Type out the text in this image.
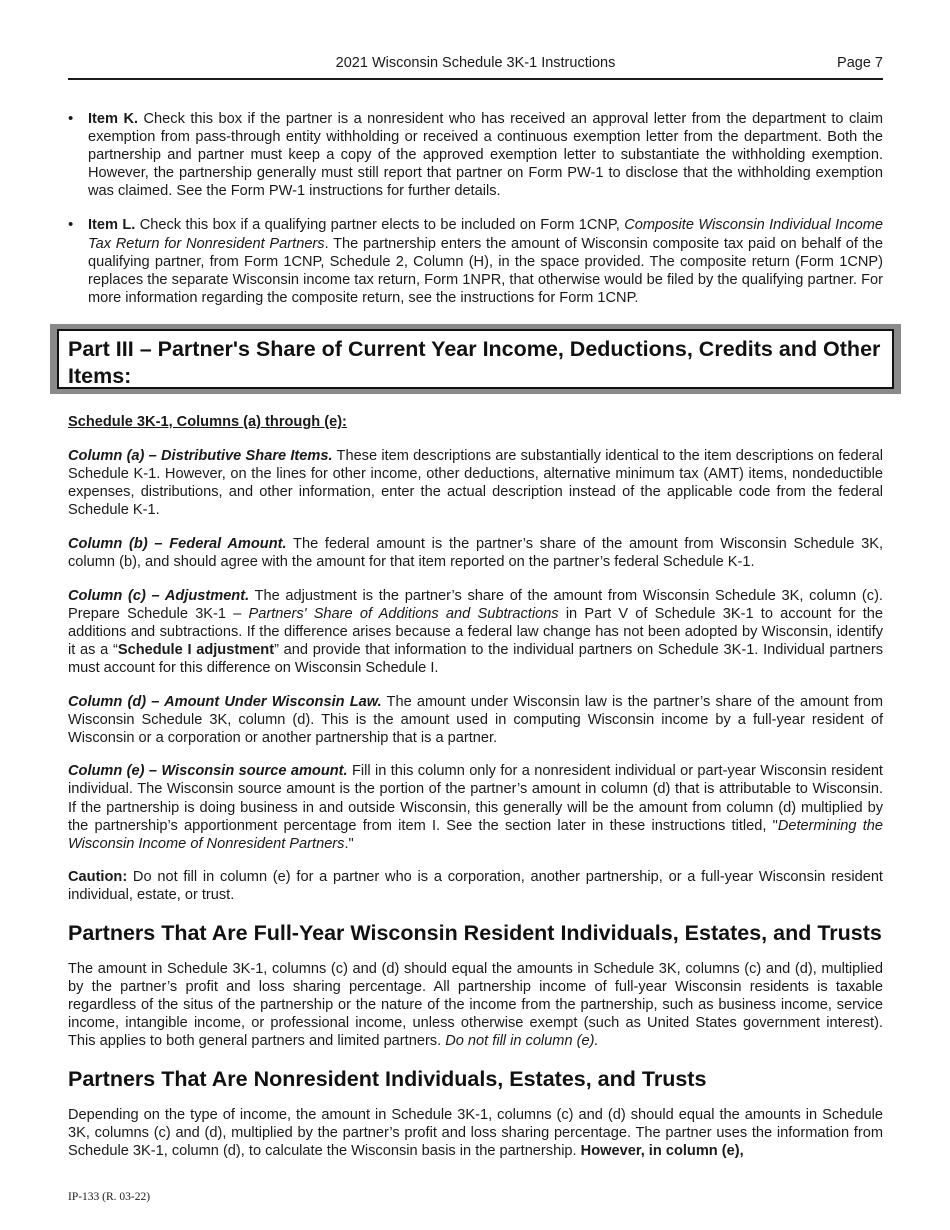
2021 Wisconsin Schedule 3K-1 Instructions	Page 7
•	Item K. Check this box if the partner is a nonresident who has received an approval letter from the department to claim exemption from pass-through entity withholding or received a continuous exemption letter from the department. Both the partnership and partner must keep a copy of the approved exemption letter to substantiate the withholding exemption. However, the partnership generally must still report that partner on Form PW-1 to disclose that the withholding exemption was claimed. See the Form PW-1 instructions for further details.
•	Item L. Check this box if a qualifying partner elects to be included on Form 1CNP, Composite Wisconsin Individual Income Tax Return for Nonresident Partners. The partnership enters the amount of Wisconsin composite tax paid on behalf of the qualifying partner, from Form 1CNP, Schedule 2, Column (H), in the space provided. The composite return (Form 1CNP) replaces the separate Wisconsin income tax return, Form 1NPR, that otherwise would be filed by the qualifying partner. For more information regarding the composite return, see the instructions for Form 1CNP.
Part III – Partner's Share of Current Year Income, Deductions, Credits and Other Items:
Schedule 3K-1, Columns (a) through (e):

Column (a) – Distributive Share Items. These item descriptions are substantially identical to the item descriptions on federal Schedule K-1. However, on the lines for other income, other deductions, alternative minimum tax (AMT) items, nondeductible expenses, distributions, and other information, enter the actual description instead of the applicable code from the federal Schedule K-1.

Column (b) – Federal Amount. The federal amount is the partner’s share of the amount from Wisconsin Schedule 3K, column (b), and should agree with the amount for that item reported on the partner’s federal Schedule K-1.

Column (c) – Adjustment. The adjustment is the partner’s share of the amount from Wisconsin Schedule 3K, column (c). Prepare Schedule 3K-1 – Partners' Share of Additions and Subtractions in Part V of Schedule 3K-1 to account for the additions and subtractions. If the difference arises because a federal law change has not been adopted by Wisconsin, identify it as a “Schedule I adjustment” and provide that information to the individual partners on Schedule 3K-1. Individual partners must account for this difference on Wisconsin Schedule I.

Column (d) – Amount Under Wisconsin Law. The amount under Wisconsin law is the partner’s share of the amount from Wisconsin Schedule 3K, column (d). This is the amount used in computing Wisconsin income by a full-year resident of Wisconsin or a corporation or another partnership that is a partner.

Column (e) – Wisconsin source amount. Fill in this column only for a nonresident individual or part-year Wisconsin resident individual. The Wisconsin source amount is the portion of the partner’s amount in column (d) that is attributable to Wisconsin. If the partnership is doing business in and outside Wisconsin, this generally will be the amount from column (d) multiplied by the partnership’s apportionment percentage from item I. See the section later in these instructions titled, "Determining the Wisconsin Income of Nonresident Partners."

Caution: Do not fill in column (e) for a partner who is a corporation, another partnership, or a full-year Wisconsin resident individual, estate, or trust.

Partners That Are Full-Year Wisconsin Resident Individuals, Estates, and Trusts

The amount in Schedule 3K-1, columns (c) and (d) should equal the amounts in Schedule 3K, columns (c) and (d), multiplied by the partner’s profit and loss sharing percentage. All partnership income of full-year Wisconsin residents is taxable regardless of the situs of the partnership or the nature of the income from the partnership, such as business income, service income, intangible income, or professional income, unless otherwise exempt (such as United States government interest). This applies to both general partners and limited partners. Do not fill in column (e).

Partners That Are Nonresident Individuals, Estates, and Trusts

Depending on the type of income, the amount in Schedule 3K-1, columns (c) and (d) should equal the amounts in Schedule 3K, columns (c) and (d), multiplied by the partner’s profit and loss sharing percentage. The partner uses the information from Schedule 3K-1, column (d), to calculate the Wisconsin basis in the partnership. However, in column (e),

IP-133 (R. 03-22)
